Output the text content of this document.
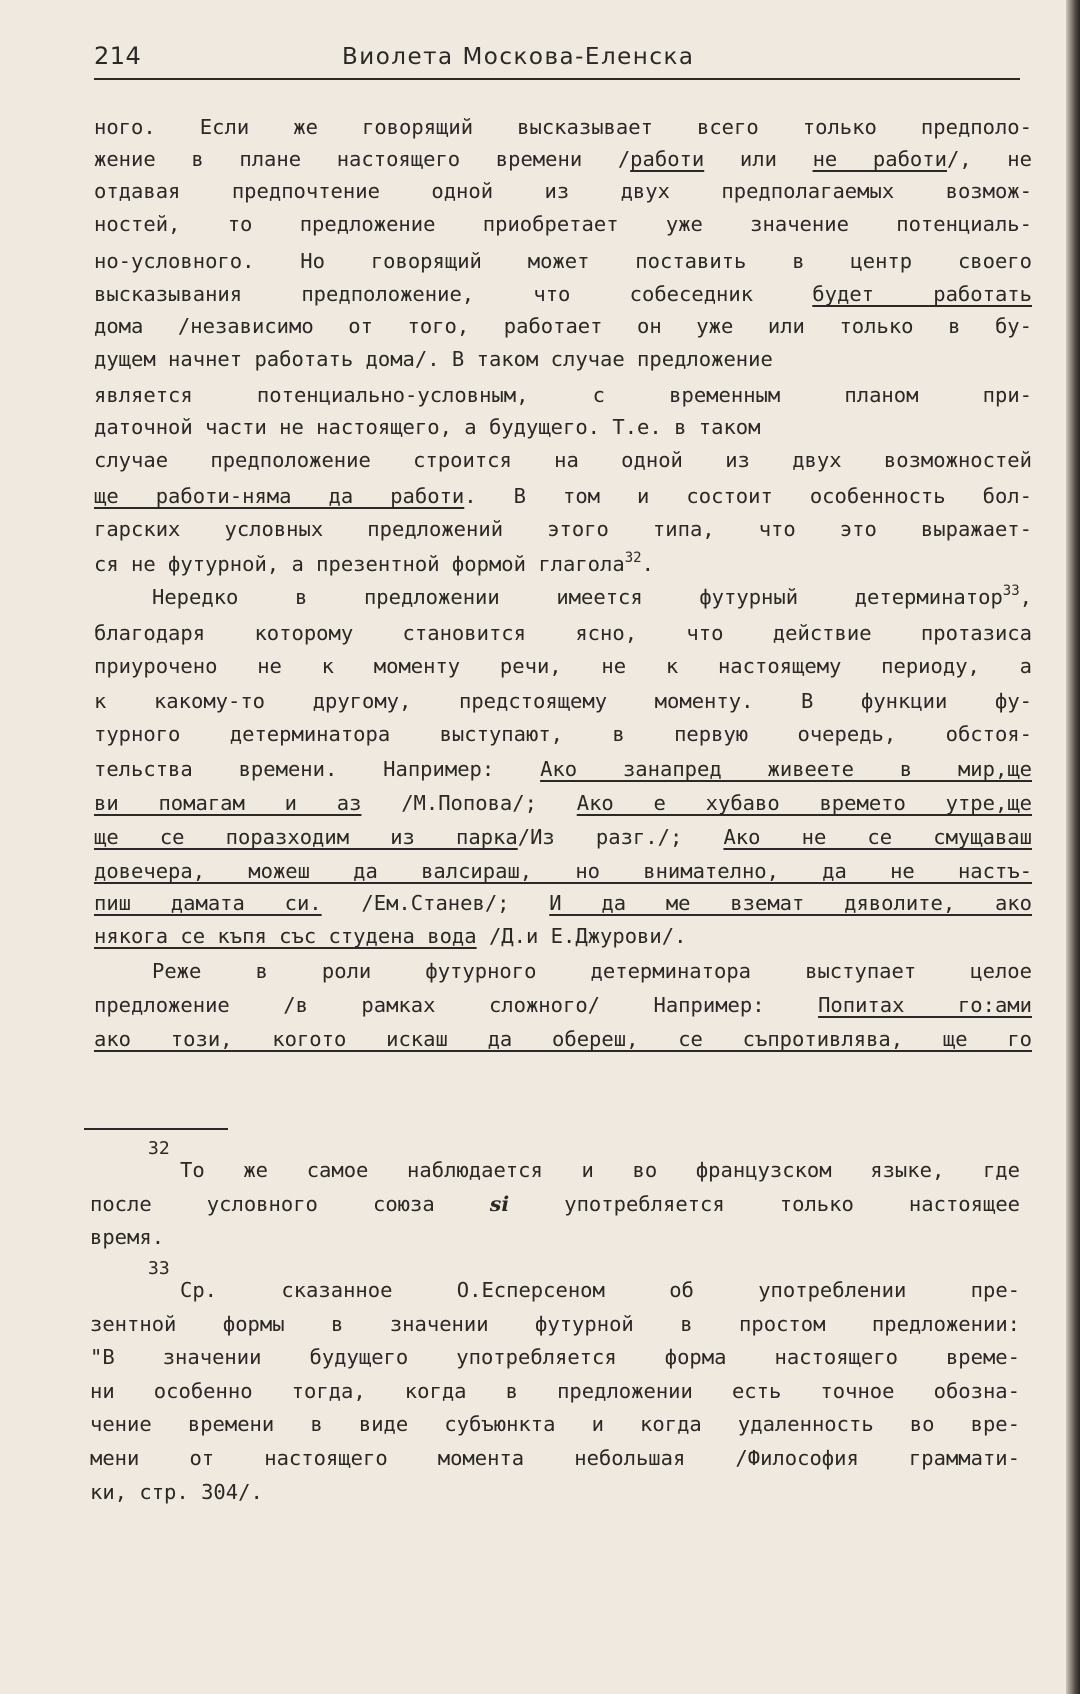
214	Виолета Москова-Еленска
ного. Если же говорящий высказывает всего только предполо-
жение в плане настоящего времени /работи или не работи/, не
отдавая предпочтение одной из двух предполагаемых возмож-
ностей, то предложение приобретает уже значение потенциаль-
но-условного. Но говорящий может поставить в центр своего
высказывания предположение, что собеседник будет работать
дома /независимо от того, работает он уже или только в бу-
дущем начнет работать дома/. В таком случае предложение
является потенциально-условным, с временным планом при-
даточной части не настоящего, а будущего. Т.е. в таком
случае предположение строится на одной из двух возможностей
ще работи-няма да работи. В том и состоит особенность бол-
гарских условных предложений этого типа, что это выражает-
ся не футурной, а презентной формой глагола$^{32}$.
Нередко в предложении имеется футурный детерминатор$^{33}$,
благодаря которому становится ясно, что действие протазиса
приурочено не к моменту речи, не к настоящему периоду, а
к какому-то другому, предстоящему моменту. В функции фу-
турного детерминатора выступают, в первую очередь, обстоя-
тельства времени. Например: Ако занапред живеете в мир,ще
ви помагам и аз /М.Попова/; Ако е хубаво времето утре,ще
ще се поразходим из парка/Из разг./; Ако не се смущаваш
довечера, можеш да валсираш, но внимателно, да не настъ-
пиш дамата си. /Ем.Станев/; И да ме вземат дяволите, ако
някога се къпя със студена вода /Д.и Е.Джурови/.
Реже в роли футурного детерминатора выступает целое
предложение /в рамках сложного/ Например: Попитах го:ами
ако този, когото искаш да обереш, се съпротивлява, ще го
32
То же самое наблюдается и во французском языке, где
после условного союза si употребляется только настоящее
время.
33
Ср. сказанное О.Есперсеном об употреблении пре-
зентной формы в значении футурной в простом предложении:
"В значении будущего употребляется форма настоящего време-
ни особенно тогда, когда в предложении есть точное обозна-
чение времени в виде субъюнкта и когда удаленность во вре-
мени от настоящего момента небольшая /Философия граммати-
ки, стр. 304/.
